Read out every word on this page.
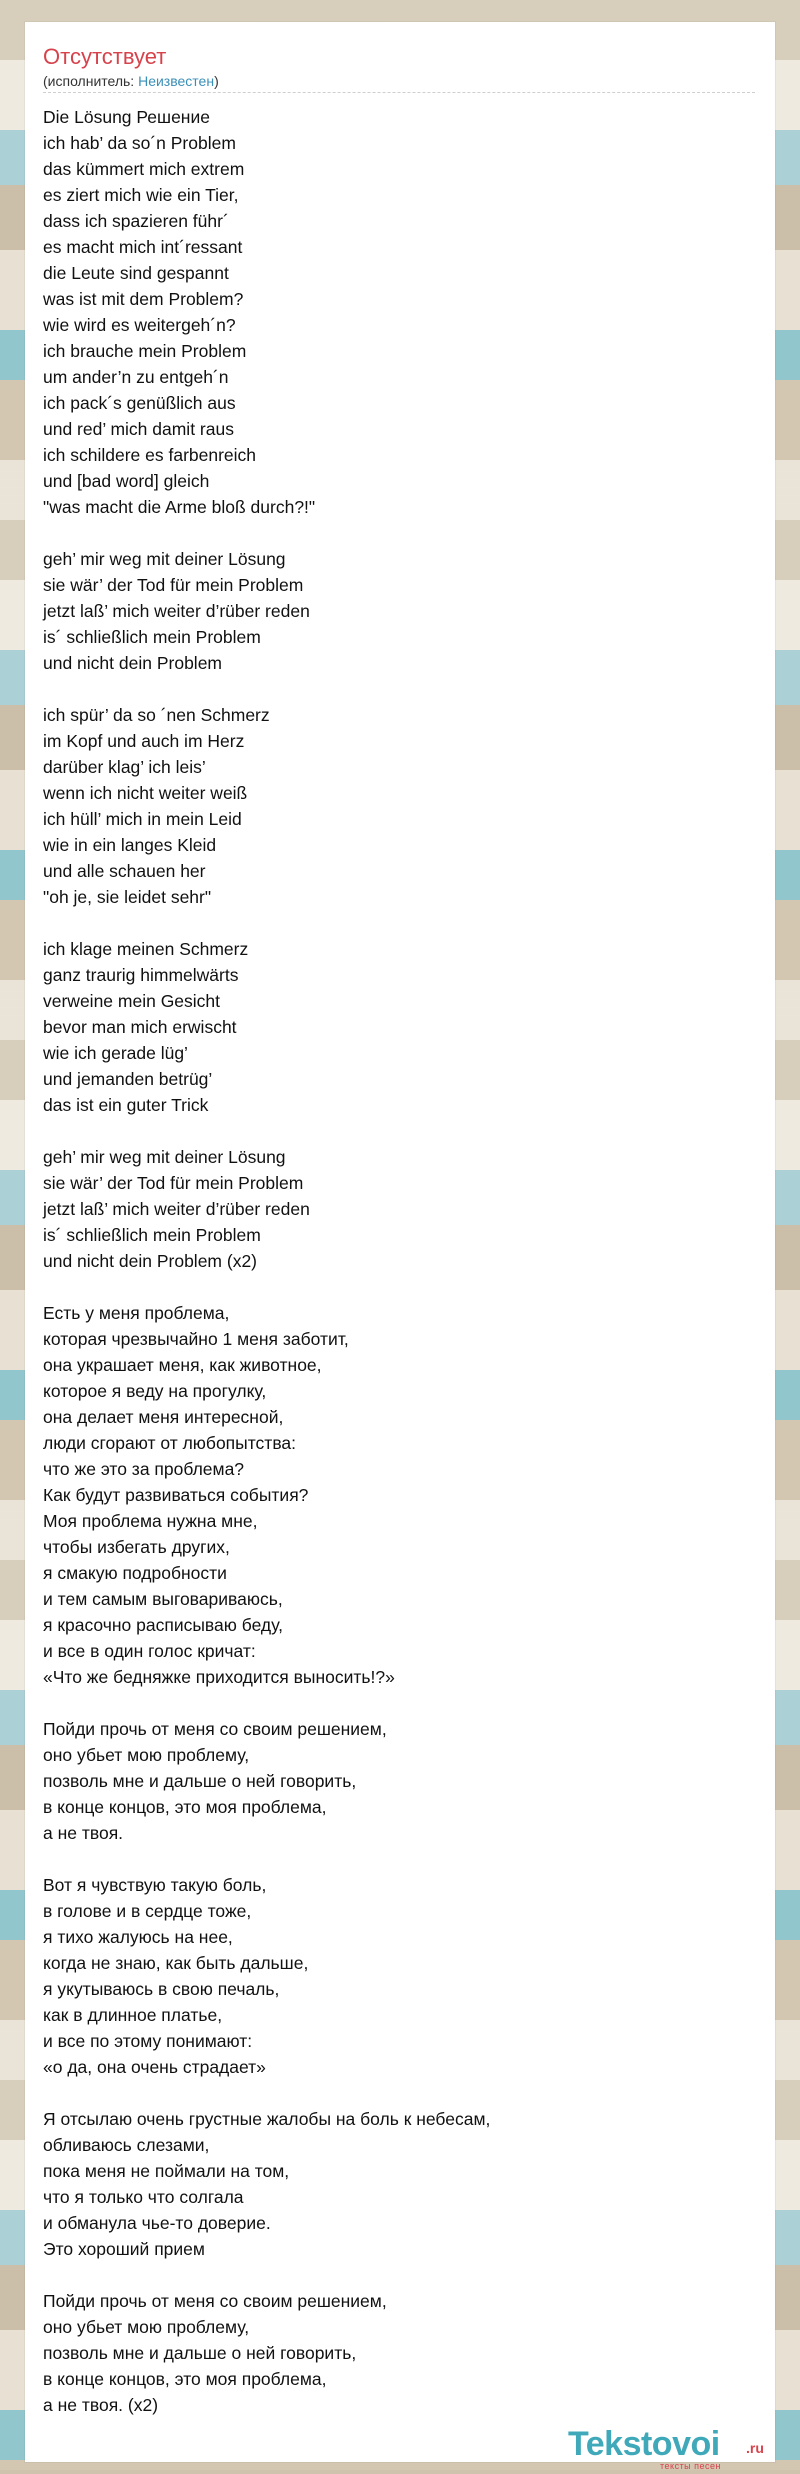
Отсутствует
(исполнитель: Неизвестен)
Die Lösung Решение
ich hab’ da so´n Problem
das kümmert mich extrem
es ziert mich wie ein Tier,
dass ich spazieren führ´
es macht mich int´ressant
die Leute sind gespannt
was ist mit dem Problem?
wie wird es weitergeh´n?
ich brauche mein Problem
um ander’n zu entgeh´n
ich pack´s genüßlich aus
und red’ mich damit raus
ich schildere es farbenreich
und [bad word] gleich
"was macht die Arme bloß durch?!"
geh’ mir weg mit deiner Lösung
sie wär’ der Tod für mein Problem
jetzt laß’ mich weiter d’rüber reden
is´ schließlich mein Problem
und nicht dein Problem
ich spür’ da so ´nen Schmerz
im Kopf und auch im Herz
darüber klag’ ich leis’
wenn ich nicht weiter weiß
ich hüll’ mich in mein Leid
wie in ein langes Kleid
und alle schauen her
"oh je, sie leidet sehr"
ich klage meinen Schmerz
ganz traurig himmelwärts
verweine mein Gesicht
bevor man mich erwischt
wie ich gerade lüg’
und jemanden betrüg’
das ist ein guter Trick
geh’ mir weg mit deiner Lösung
sie wär’ der Tod für mein Problem
jetzt laß’ mich weiter d’rüber reden
is´ schließlich mein Problem
und nicht dein Problem (x2)
Есть у меня проблема,
которая чрезвычайно 1 меня заботит,
она украшает меня, как животное,
которое я веду на прогулку,
она делает меня интересной,
люди сгорают от любопытства:
что же это за проблема?
Как будут развиваться события?
Моя проблема нужна мне,
чтобы избегать других,
я смакую подробности
и тем самым выговариваюсь,
я красочно расписываю беду,
и все в один голос кричат:
«Что же бедняжке приходится выносить!?»
Пойди прочь от меня со своим решением,
оно убьет мою проблему,
позволь мне и дальше о ней говорить,
в конце концов, это моя проблема,
а не твоя.
Вот я чувствую такую боль,
в голове и в сердце тоже,
я тихо жалуюсь на нее,
когда не знаю, как быть дальше,
я укутываюсь в свою печаль,
как в длинное платье,
и все по этому понимают:
«о да, она очень страдает»
Я отсылаю очень грустные жалобы на боль к небесам,
обливаюсь слезами,
пока меня не поймали на том,
что я только что солгала
и обманула чье-то доверие.
Это хороший прием
Пойди прочь от меня со своим решением,
оно убьет мою проблему,
позволь мне и дальше о ней говорить,
в конце концов, это моя проблема,
а не твоя. (x2)
Tekstovoi .ru
тексты песен
